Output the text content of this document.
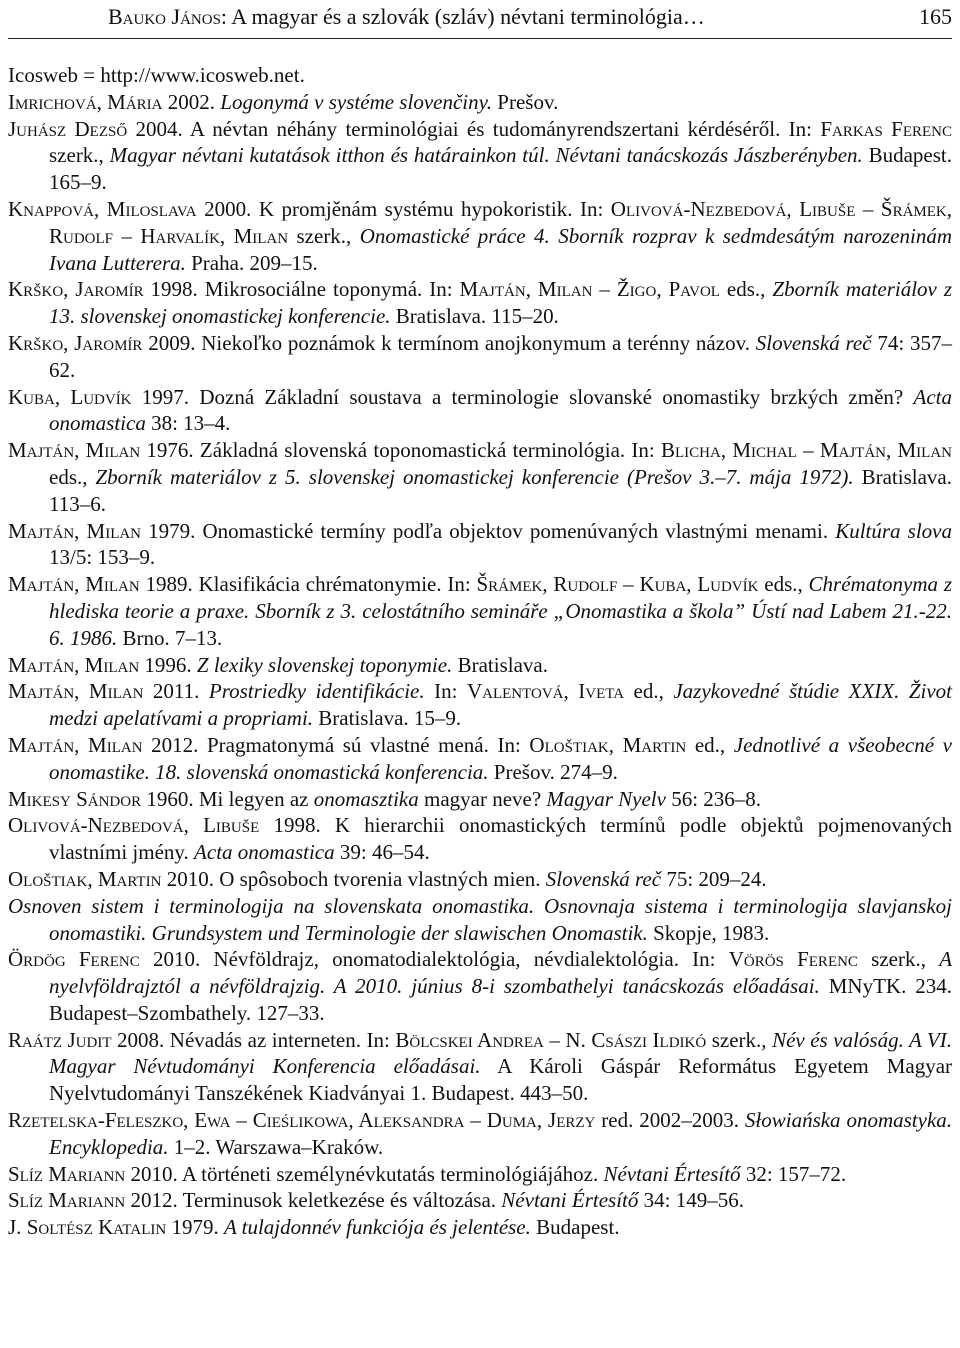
Bauko János: A magyar és a szlovák (szláv) névtani terminológia…	165

Icosweb = http://www.icosweb.net.

Imrichová, Mária 2002. Logonymá v systéme slovenčiny. Prešov.

Juhász Dezső 2004. A névtan néhány terminológiai és tudományrendszertani kérdéséről. In: Farkas Ferenc szerk., Magyar névtani kutatások itthon és határainkon túl. Névtani tanácskozás Jászberényben. Budapest. 165–9.

Knappová, Miloslava 2000. K promjěnám systému hypokoristik. In: Olivová-Nezbedová, Libuše – Šrámek, Rudolf – Harvalík, Milan szerk., Onomastické práce 4. Sborník rozprav k sedmdesátým narozeninám Ivana Lutterera. Praha. 209–15.

Krško, Jaromír 1998. Mikrosociálne toponymá. In: Majtán, Milan – Žigo, Pavol eds., Zborník materiálov z 13. slovenskej onomastickej konferencie. Bratislava. 115–20.

Krško, Jaromír 2009. Niekoľko poznámok k termínom anojkonymum a terénny názov. Slovenská reč 74: 357–62.

Kuba, Ludvík 1997. Dozná Základní soustava a terminologie slovanské onomastiky brzkých změn? Acta onomastica 38: 13–4.

Majtán, Milan 1976. Základná slovenská toponomastická terminológia. In: Blicha, Michal – Majtán, Milan eds., Zborník materiálov z 5. slovenskej onomastickej konferencie (Prešov 3.–7. mája 1972). Bratislava. 113–6.

Majtán, Milan 1979. Onomastické termíny podľa objektov pomenúvaných vlastnými menami. Kultúra slova 13/5: 153–9.

Majtán, Milan 1989. Klasifikácia chrématonymie. In: Šrámek, Rudolf – Kuba, Ludvík eds., Chrématonyma z hlediska teorie a praxe. Sborník z 3. celostátního semináře „Onomastika a škola” Ústí nad Labem 21.-22. 6. 1986. Brno. 7–13.

Majtán, Milan 1996. Z lexiky slovenskej toponymie. Bratislava.

Majtán, Milan 2011. Prostriedky identifikácie. In: Valentová, Iveta ed., Jazykovedné štúdie XXIX. Život medzi apelatívami a propriami. Bratislava. 15–9.

Majtán, Milan 2012. Pragmatonymá sú vlastné mená. In: Ološtiak, Martin ed., Jednotlivé a všeobecné v onomastike. 18. slovenská onomastická konferencia. Prešov. 274–9.

Mikesy Sándor 1960. Mi legyen az onomasztika magyar neve? Magyar Nyelv 56: 236–8.

Olivová-Nezbedová, Libuše 1998. K hierarchii onomastických termínů podle objektů pojmenovaných vlastními jmény. Acta onomastica 39: 46–54.

Ološtiak, Martin 2010. O spôsoboch tvorenia vlastných mien. Slovenská reč 75: 209–24.

Osnoven sistem i terminologija na slovenskata onomastika. Osnovnaja sistema i terminologija slavjanskoj onomastiki. Grundsystem und Terminologie der slawischen Onomastik. Skopje, 1983.

Ördög Ferenc 2010. Névföldrajz, onomatodialektológia, névdialektológia. In: Vörös Ferenc szerk., A nyelvföldrajztól a névföldrajzig. A 2010. június 8-i szombathelyi tanácskozás előadásai. MNyTK. 234. Budapest–Szombathely. 127–33.

Raátz Judit 2008. Névadás az interneten. In: Bölcskei Andrea – N. Császi Ildikó szerk., Név és valóság. A VI. Magyar Névtudományi Konferencia előadásai. A Károli Gáspár Református Egyetem Magyar Nyelvtudományi Tanszékének Kiadványai 1. Budapest. 443–50.

Rzetelska-Feleszko, Ewa – Cieślikowa, Aleksandra – Duma, Jerzy red. 2002–2003. Słowiańska onomastyka. Encyklopedia. 1–2. Warszawa–Kraków.

Slíz Mariann 2010. A történeti személynévkutatás terminológiájához. Névtani Értesítő 32: 157–72.

Slíz Mariann 2012. Terminusok keletkezése és változása. Névtani Értesítő 34: 149–56.

J. Soltész Katalin 1979. A tulajdonnév funkciója és jelentése. Budapest.
